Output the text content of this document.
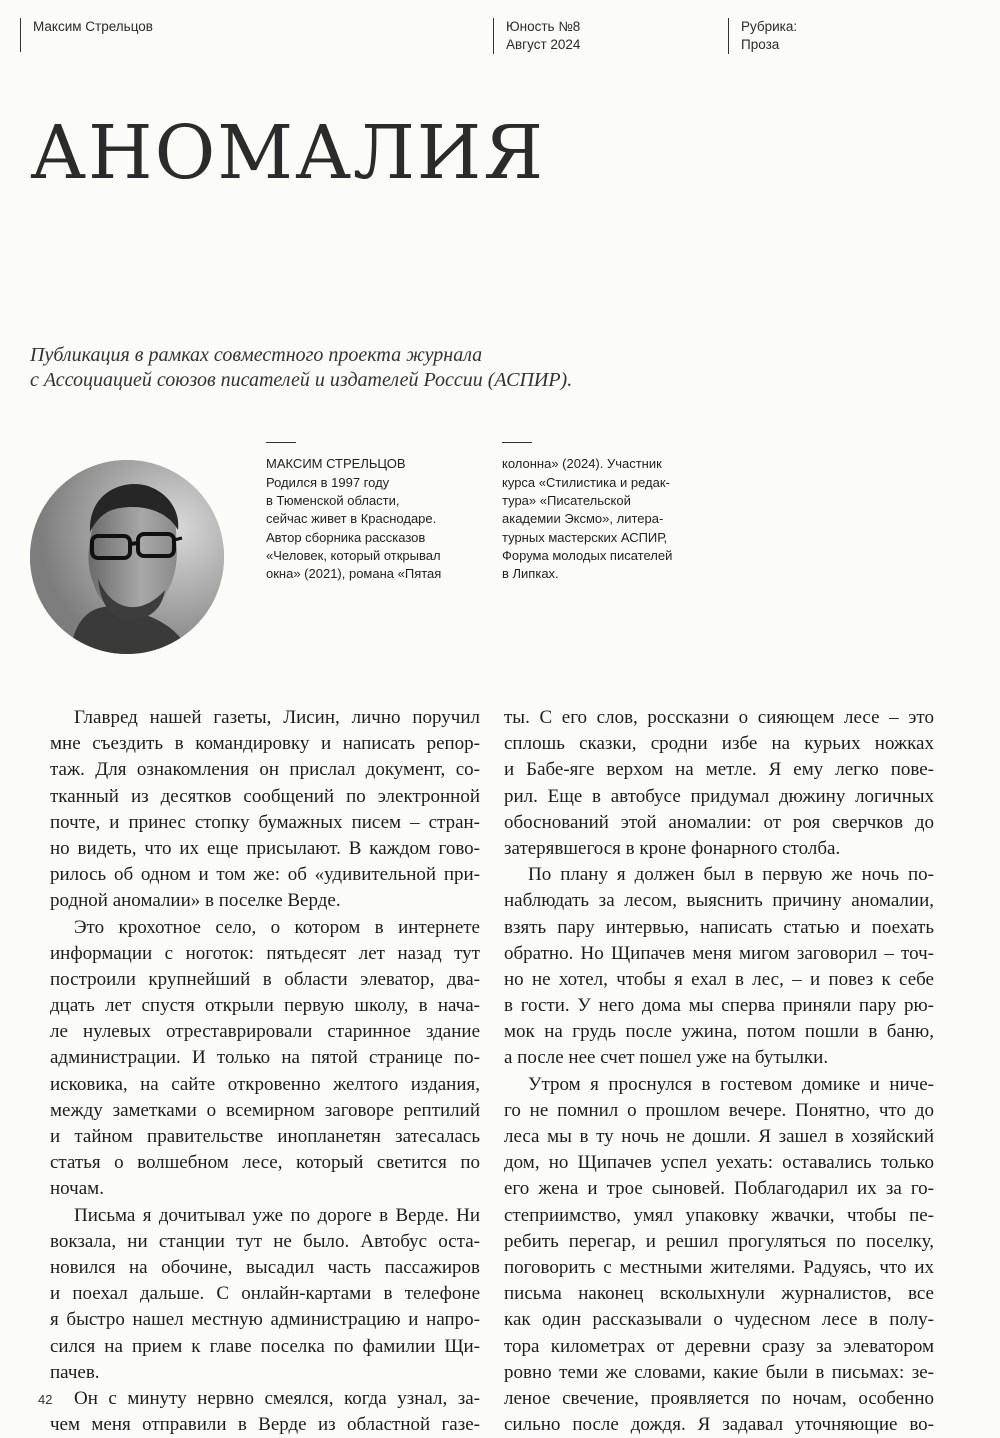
Максим Стрельцов	Юность №8
Август 2024
Рубрика:
Проза
АНОМАЛИЯ
Публикация в рамках совместного проекта журнала
с Ассоциацией союзов писателей и издателей России (АСПИР).
МАКСИМ СТРЕЛЬЦОВ
Родился в 1997 году
в Тюменской области,
сейчас живет в Краснодаре.
Автор сборника рассказов
«Человек, который открывал
окна» (2021), романа «Пятая
колонна» (2024). Участник
курса «Стилистика и редак-
тура» «Писательской
академии Эксмо», литера-
турных мастерских АСПИР,
Форума молодых писателей
в Липках.
Главред нашей газеты, Лисин, лично поручил
мне съездить в командировку и написать репор-
таж. Для ознакомления он прислал документ, со-
тканный из десятков сообщений по электронной
почте, и принес стопку бумажных писем – стран-
но видеть, что их еще присылают. В каждом гово-
рилось об одном и том же: об «удивительной при-
родной аномалии» в поселке Верде.
Это крохотное село, о котором в интернете
информации с ноготок: пятьдесят лет назад тут
построили крупнейший в области элеватор, два-
дцать лет спустя открыли первую школу, в нача-
ле нулевых отреставрировали старинное здание
администрации. И только на пятой странице по-
исковика, на сайте откровенно желтого издания,
между заметками о всемирном заговоре рептилий
и тайном правительстве инопланетян затесалась
статья о волшебном лесе, который светится по
ночам.
Письма я дочитывал уже по дороге в Верде. Ни
вокзала, ни станции тут не было. Автобус оста-
новился на обочине, высадил часть пассажиров
и поехал дальше. С онлайн-картами в телефоне
я быстро нашел местную администрацию и напро-
сился на прием к главе поселка по фамилии Щи-
пачев.
Он с минуту нервно смеялся, когда узнал, за-
чем меня отправили в Верде из областной газе-
ты. С его слов, россказни о сияющем лесе – это
сплошь сказки, сродни избе на курьих ножках
и Бабе-яге верхом на метле. Я ему легко пове-
рил. Еще в автобусе придумал дюжину логичных
обоснований этой аномалии: от роя сверчков до
затерявшегося в кроне фонарного столба.
По плану я должен был в первую же ночь по-
наблюдать за лесом, выяснить причину аномалии,
взять пару интервью, написать статью и поехать
обратно. Но Щипачев меня мигом заговорил – точ-
но не хотел, чтобы я ехал в лес, – и повез к себе
в гости. У него дома мы сперва приняли пару рю-
мок на грудь после ужина, потом пошли в баню,
а после нее счет пошел уже на бутылки.
Утром я проснулся в гостевом домике и ниче-
го не помнил о прошлом вечере. Понятно, что до
леса мы в ту ночь не дошли. Я зашел в хозяйский
дом, но Щипачев успел уехать: оставались только
его жена и трое сыновей. Поблагодарил их за го-
степриимство, умял упаковку жвачки, чтобы пе-
ребить перегар, и решил прогуляться по поселку,
поговорить с местными жителями. Радуясь, что их
письма наконец всколыхнули журналистов, все
как один рассказывали о чудесном лесе в полу-
тора километрах от деревни сразу за элеватором
ровно теми же словами, какие были в письмах: зе-
леное свечение, проявляется по ночам, особенно
сильно после дождя. Я задавал уточняющие во-
42
